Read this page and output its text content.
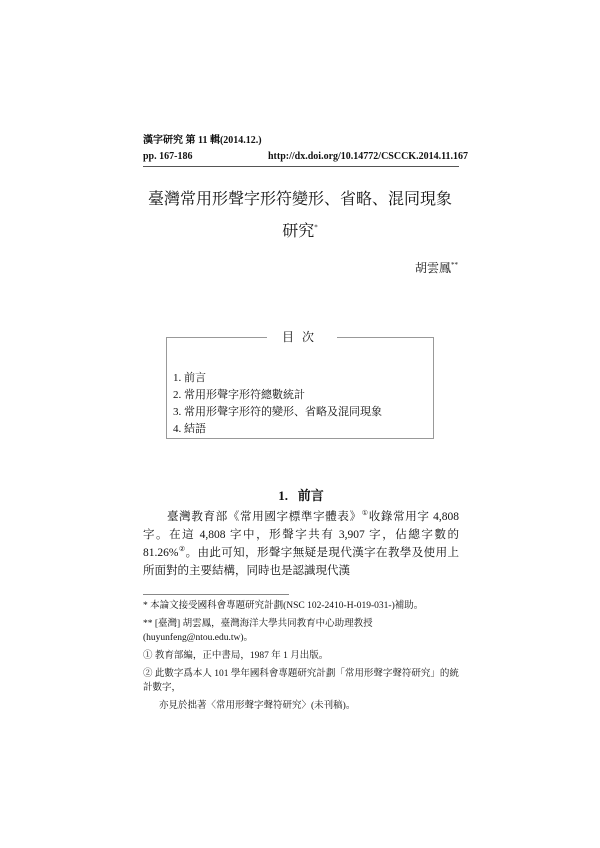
漢字研究 第 11 輯(2014.12.)
pp. 167-186	http://dx.doi.org/10.14772/CSCCK.2014.11.167
臺灣常用形聲字形符變形、省略、混同現象
研究*
胡雲鳳**
目次
1. 前言
2. 常用形聲字形符總數統計
3. 常用形聲字形符的變形、省略及混同現象
4. 結語
1.   前言
臺灣教育部《常用國字標準字體表》①收錄常用字 4,808 字。在這 4,808 字中，形聲字共有 3,907 字，佔總字數的 81.26%②。由此可知，形聲字無疑是現代漢字在教學及使用上所面對的主要結構，同時也是認識現代漢
* 本論文接受國科會專題研究計劃(NSC 102-2410-H-019-031-)補助。
** [臺灣] 胡雲鳳，臺灣海洋大學共同教育中心助理教授(huyunfeng@ntou.edu.tw)。
① 教育部編，正中書局，1987 年 1 月出版。
② 此數字爲本人 101 學年國科會專題研究計劃「常用形聲字聲符研究」的統計數字，
亦見於拙著〈常用形聲字聲符研究〉(未刊稿)。
